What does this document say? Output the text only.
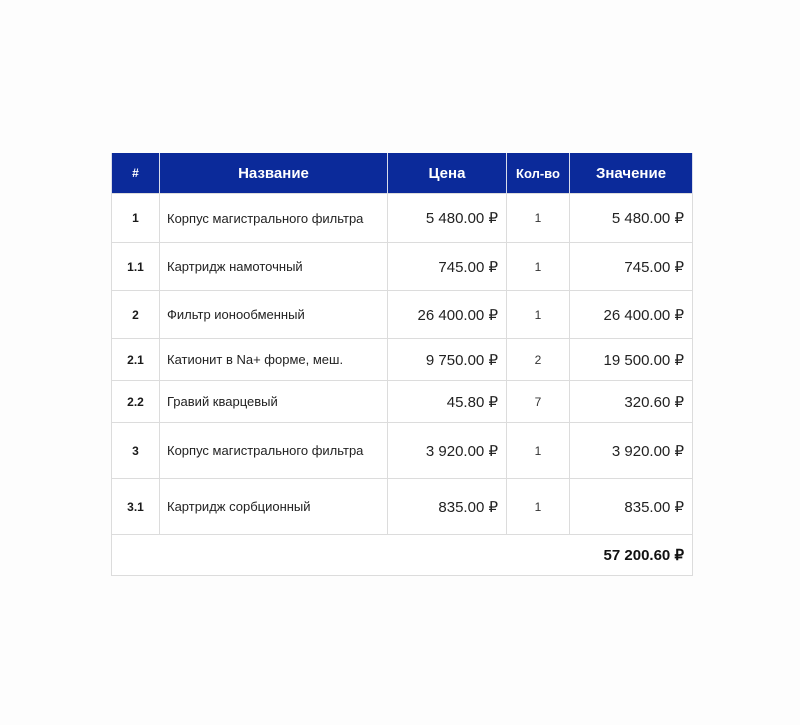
#	Название	Цена	Кол-во	Значение
1	Корпус магистрального фильтра	5 480.00 ₽	1	5 480.00 ₽
1.1	Картридж намоточный	745.00 ₽	1	745.00 ₽
2	Фильтр ионообменный	26 400.00 ₽	1	26 400.00 ₽
2.1	Катионит в Na+ форме, меш.	9 750.00 ₽	2	19 500.00 ₽
2.2	Гравий кварцевый	45.80 ₽	7	320.60 ₽
3	Корпус магистрального фильтра	3 920.00 ₽	1	3 920.00 ₽
3.1	Картридж сорбционный	835.00 ₽	1	835.00 ₽
57 200.60 ₽				
